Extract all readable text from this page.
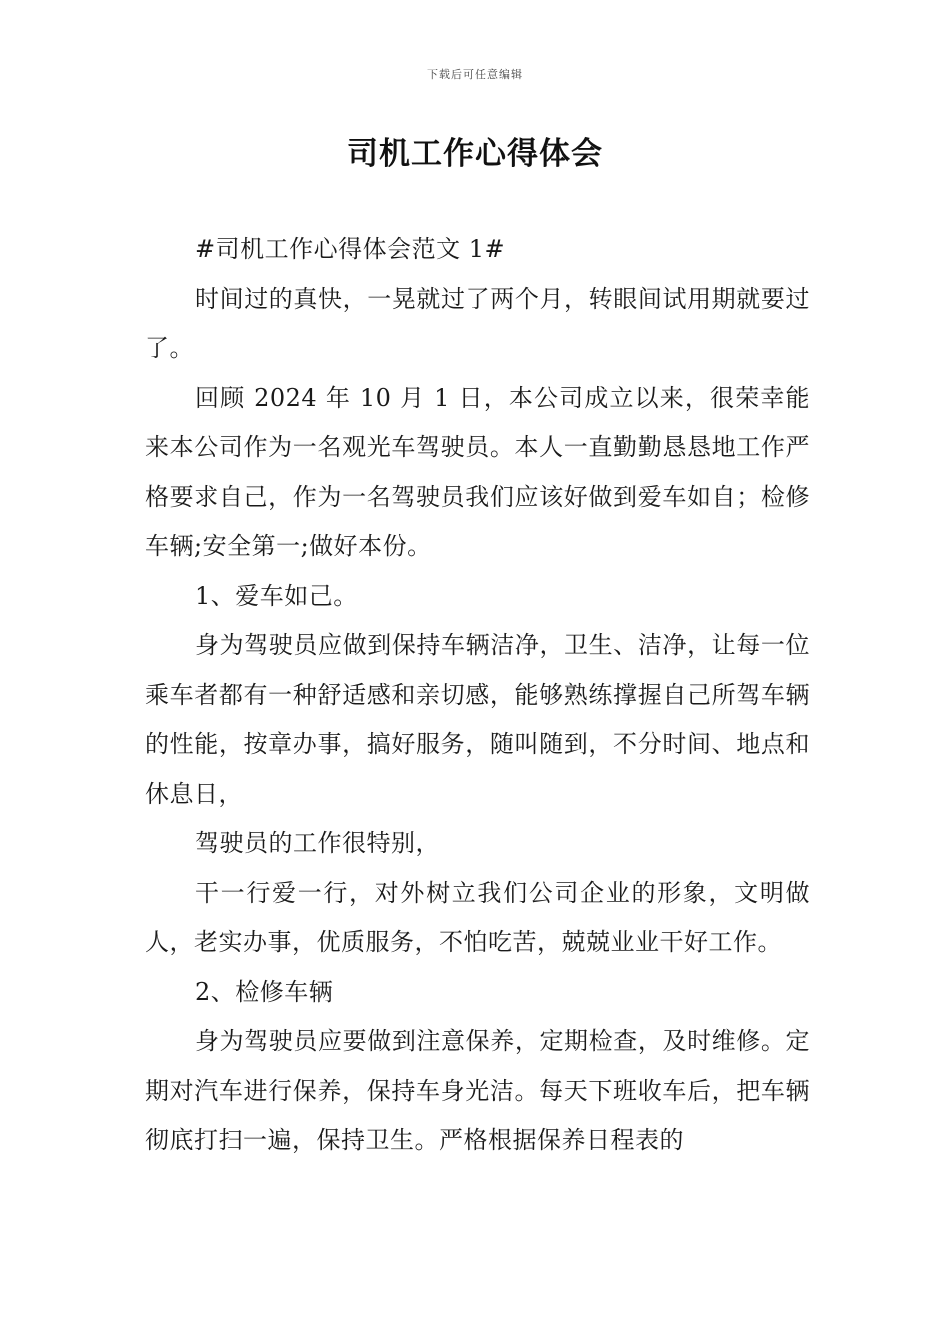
下载后可任意编辑
司机工作心得体会

#司机工作心得体会范文 1#

时间过的真快，一晃就过了两个月，转眼间试用期就要过了。

回顾 2024 年 10 月 1 日，本公司成立以来，很荣幸能来本公司作为一名观光车驾驶员。本人一直勤勤恳恳地工作严格要求自己，作为一名驾驶员我们应该好做到爱车如自；检修车辆;安全第一;做好本份。

1、爱车如己。

身为驾驶员应做到保持车辆洁净，卫生、洁净，让每一位乘车者都有一种舒适感和亲切感，能够熟练撑握自己所驾车辆的性能，按章办事，搞好服务，随叫随到，不分时间、地点和休息日，

驾驶员的工作很特别，

干一行爱一行，对外树立我们公司企业的形象，文明做人，老实办事，优质服务，不怕吃苦，兢兢业业干好工作。

2、检修车辆

身为驾驶员应要做到注意保养，定期检查，及时维修。定期对汽车进行保养，保持车身光洁。每天下班收车后，把车辆彻底打扫一遍，保持卫生。严格根据保养日程表的
